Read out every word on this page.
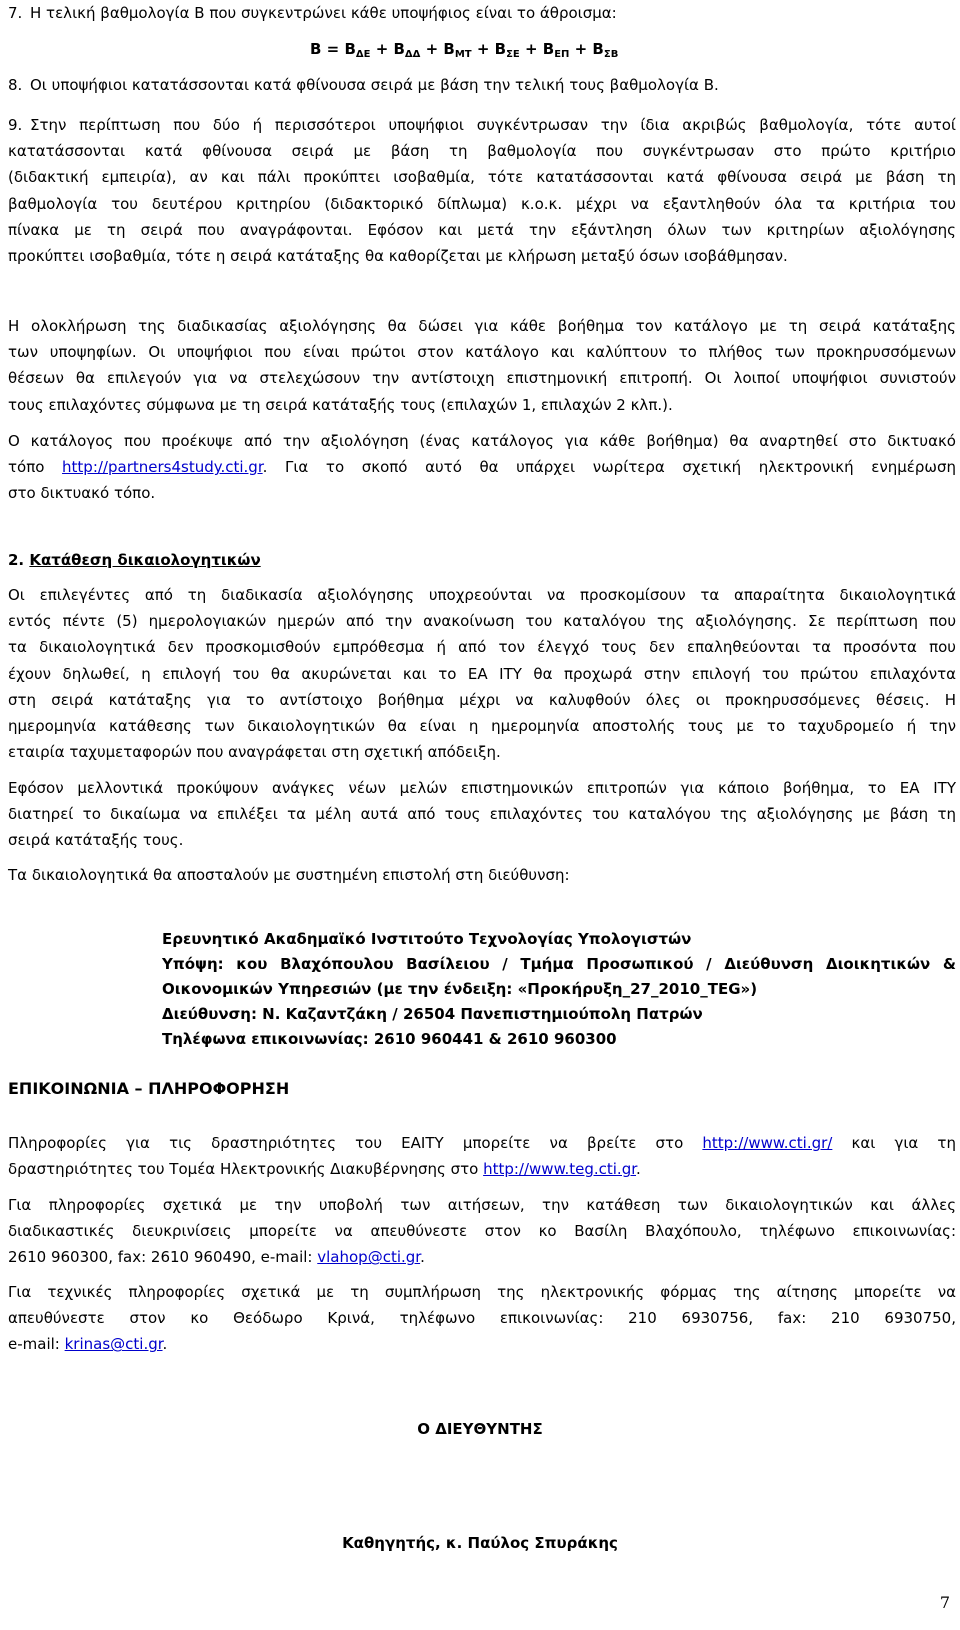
7. Η τελική βαθμολογία Β που συγκεντρώνει κάθε υποψήφιος είναι το άθροισμα:
$B = B_{\Delta E} + B_{\Delta\Delta} + B_{MT} + B_{\Sigma E} + B_{E\Pi} + B_{\Sigma B}$
8. Οι υποψήφιοι κατατάσσονται κατά φθίνουσα σειρά με βάση την τελική τους βαθμολογία Β.
9. Στην περίπτωση που δύο ή περισσότεροι υποψήφιοι συγκέντρωσαν την ίδια ακριβώς βαθμολογία, τότε αυτοί
κατατάσσονται κατά φθίνουσα σειρά με βάση τη βαθμολογία που συγκέντρωσαν στο πρώτο κριτήριο
(διδακτική εμπειρία), αν και πάλι προκύπτει ισοβαθμία, τότε κατατάσσονται κατά φθίνουσα σειρά με βάση τη
βαθμολογία του δευτέρου κριτηρίου (διδακτορικό δίπλωμα) κ.ο.κ. μέχρι να εξαντληθούν όλα τα κριτήρια του
πίνακα με τη σειρά που αναγράφονται. Εφόσον και μετά την εξάντληση όλων των κριτηρίων αξιολόγησης
προκύπτει ισοβαθμία, τότε η σειρά κατάταξης θα καθορίζεται με κλήρωση μεταξύ όσων ισοβάθμησαν.
Η ολοκλήρωση της διαδικασίας αξιολόγησης θα δώσει για κάθε βοήθημα τον κατάλογο με τη σειρά κατάταξης
των υποψηφίων. Οι υποψήφιοι που είναι πρώτοι στον κατάλογο και καλύπτουν το πλήθος των προκηρυσσόμενων
θέσεων θα επιλεγούν για να στελεχώσουν την αντίστοιχη επιστημονική επιτροπή. Οι λοιποί υποψήφιοι συνιστούν
τους επιλαχόντες σύμφωνα με τη σειρά κατάταξής τους (επιλαχών 1, επιλαχών 2 κλπ.).
Ο κατάλογος που προέκυψε από την αξιολόγηση (ένας κατάλογος για κάθε βοήθημα) θα αναρτηθεί στο δικτυακό
τόπο http://partners4study.cti.gr. Για το σκοπό αυτό θα υπάρχει νωρίτερα σχετική ηλεκτρονική ενημέρωση
στο δικτυακό τόπο.
2. Κατάθεση δικαιολογητικών
Οι επιλεγέντες από τη διαδικασία αξιολόγησης υποχρεούνται να προσκομίσουν τα απαραίτητα δικαιολογητικά
εντός πέντε (5) ημερολογιακών ημερών από την ανακοίνωση του καταλόγου της αξιολόγησης. Σε περίπτωση που
τα δικαιολογητικά δεν προσκομισθούν εμπρόθεσμα ή από τον έλεγχό τους δεν επαληθεύονται τα προσόντα που
έχουν δηλωθεί, η επιλογή του θα ακυρώνεται και το ΕΑ ΙΤΥ θα προχωρά στην επιλογή του πρώτου επιλαχόντα
στη σειρά κατάταξης για το αντίστοιχο βοήθημα μέχρι να καλυφθούν όλες οι προκηρυσσόμενες θέσεις. Η
ημερομηνία κατάθεσης των δικαιολογητικών θα είναι η ημερομηνία αποστολής τους με το ταχυδρομείο ή την
εταιρία ταχυμεταφορών που αναγράφεται στη σχετική απόδειξη.
Εφόσον μελλοντικά προκύψουν ανάγκες νέων μελών επιστημονικών επιτροπών για κάποιο βοήθημα, το ΕΑ ΙΤΥ
διατηρεί το δικαίωμα να επιλέξει τα μέλη αυτά από τους επιλαχόντες του καταλόγου της αξιολόγησης με βάση τη
σειρά κατάταξής τους.
Τα δικαιολογητικά θα αποσταλούν με συστημένη επιστολή στη διεύθυνση:
Ερευνητικό Ακαδημαϊκό Ινστιτούτο Τεχνολογίας Υπολογιστών
Υπόψη: κου Βλαχόπουλου Βασίλειου / Τμήμα Προσωπικού / Διεύθυνση Διοικητικών &
Οικονομικών Υπηρεσιών (με την ένδειξη: «Προκήρυξη_27_2010_TEG»)
Διεύθυνση: Ν. Καζαντζάκη / 26504 Πανεπιστημιούπολη Πατρών
Τηλέφωνα επικοινωνίας: 2610 960441 & 2610 960300
ΕΠΙΚΟΙΝΩΝΙΑ – ΠΛΗΡΟΦΟΡΗΣΗ
Πληροφορίες για τις δραστηριότητες του ΕΑΙΤΥ μπορείτε να βρείτε στο http://www.cti.gr/ και για τη
δραστηριότητες του Τομέα Ηλεκτρονικής Διακυβέρνησης στο http://www.teg.cti.gr.
Για πληροφορίες σχετικά με την υποβολή των αιτήσεων, την κατάθεση των δικαιολογητικών και άλλες
διαδικαστικές διευκρινίσεις μπορείτε να απευθύνεστε στον κο Βασίλη Βλαχόπουλο, τηλέφωνο επικοινωνίας:
2610 960300, fax: 2610 960490, e-mail: vlahop@cti.gr.
Για τεχνικές πληροφορίες σχετικά με τη συμπλήρωση της ηλεκτρονικής φόρμας της αίτησης μπορείτε να
απευθύνεστε στον κο Θεόδωρο Κρινά, τηλέφωνο επικοινωνίας: 210 6930756, fax: 210 6930750,
e-mail: krinas@cti.gr.
Ο ΔΙΕΥΘΥΝΤΗΣ
Καθηγητής, κ. Παύλος Σπυράκης
7
